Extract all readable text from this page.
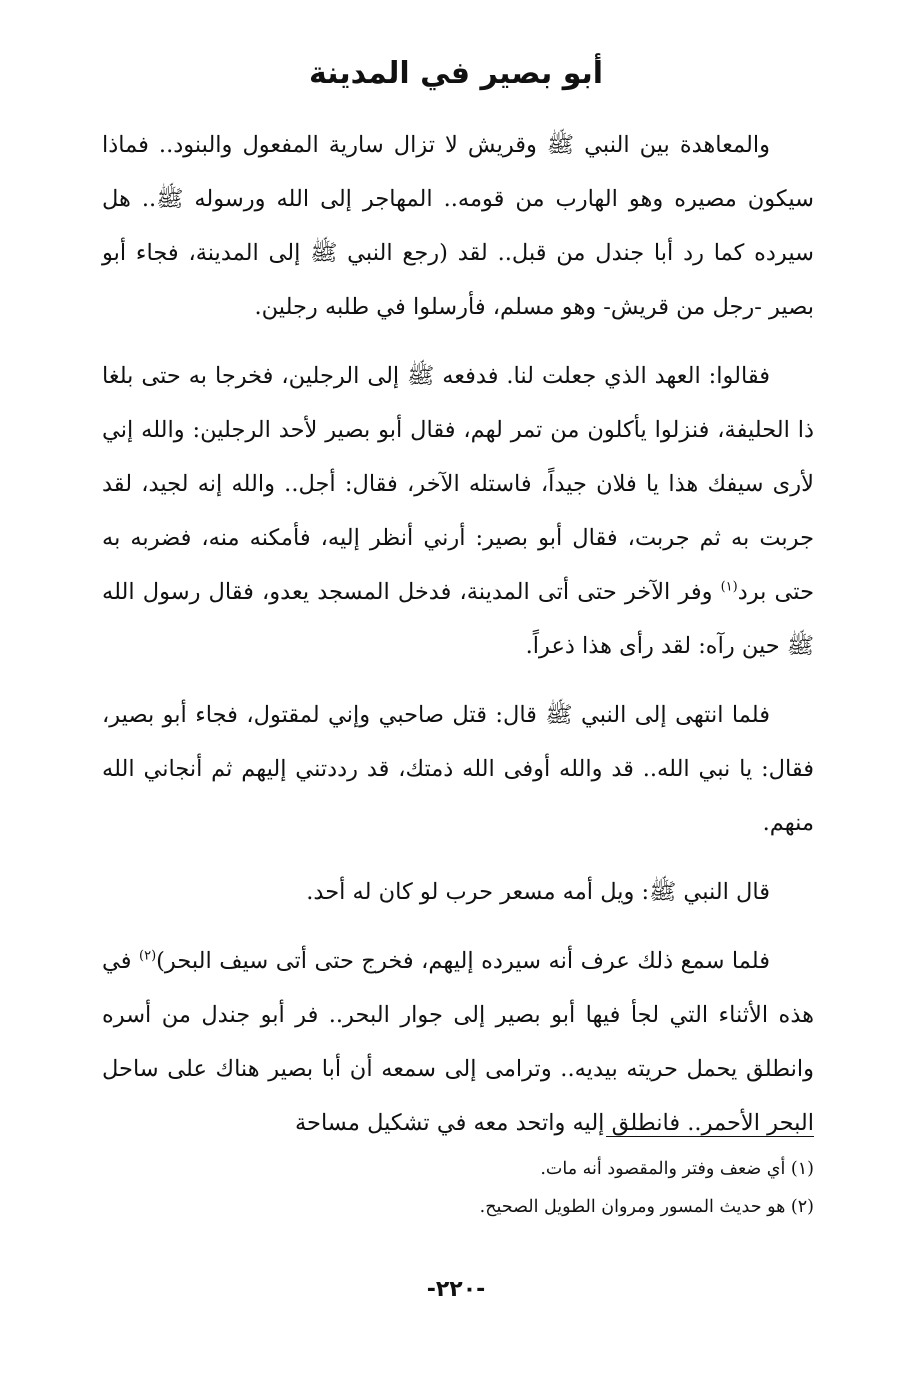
أبو بصير في المدينة

والمعاهدة بين النبي ﷺ وقريش لا تزال سارية المفعول والبنود.. فماذا سيكون مصيره وهو الهارب من قومه.. المهاجر إلى الله ورسوله ﷺ.. هل سيرده كما رد أبا جندل من قبل.. لقد (رجع النبي ﷺ إلى المدينة، فجاء أبو بصير -رجل من قريش- وهو مسلم، فأرسلوا في طلبه رجلين.

فقالوا: العهد الذي جعلت لنا. فدفعه ﷺ إلى الرجلين، فخرجا به حتى بلغا ذا الحليفة، فنزلوا يأكلون من تمر لهم، فقال أبو بصير لأحد الرجلين: والله إني لأرى سيفك هذا يا فلان جيداً، فاستله الآخر، فقال: أجل.. والله إنه لجيد، لقد جربت به ثم جربت، فقال أبو بصير: أرني أنظر إليه، فأمكنه منه، فضربه به حتى برد$^{(١)}$ وفر الآخر حتى أتى المدينة، فدخل المسجد يعدو، فقال رسول الله ﷺ حين رآه: لقد رأى هذا ذعراً.

فلما انتهى إلى النبي ﷺ قال: قتل صاحبي وإني لمقتول، فجاء أبو بصير، فقال: يا نبي الله.. قد والله أوفى الله ذمتك، قد رددتني إليهم ثم أنجاني الله منهم.

قال النبي ﷺ: ويل أمه مسعر حرب لو كان له أحد.

فلما سمع ذلك عرف أنه سيرده إليهم، فخرج حتى أتى سيف البحر)$^{(٢)}$ في هذه الأثناء التي لجأ فيها أبو بصير إلى جوار البحر.. فر أبو جندل من أسره وانطلق يحمل حريته بيديه.. وترامى إلى سمعه أن أبا بصير هناك على ساحل البحر الأحمر.. فانطلق إليه واتحد معه في تشكيل مساحة

(١) أي ضعف وفتر والمقصود أنه مات.

(٢) هو حديث المسور ومروان الطويل الصحيح.

-٢٢٠-
